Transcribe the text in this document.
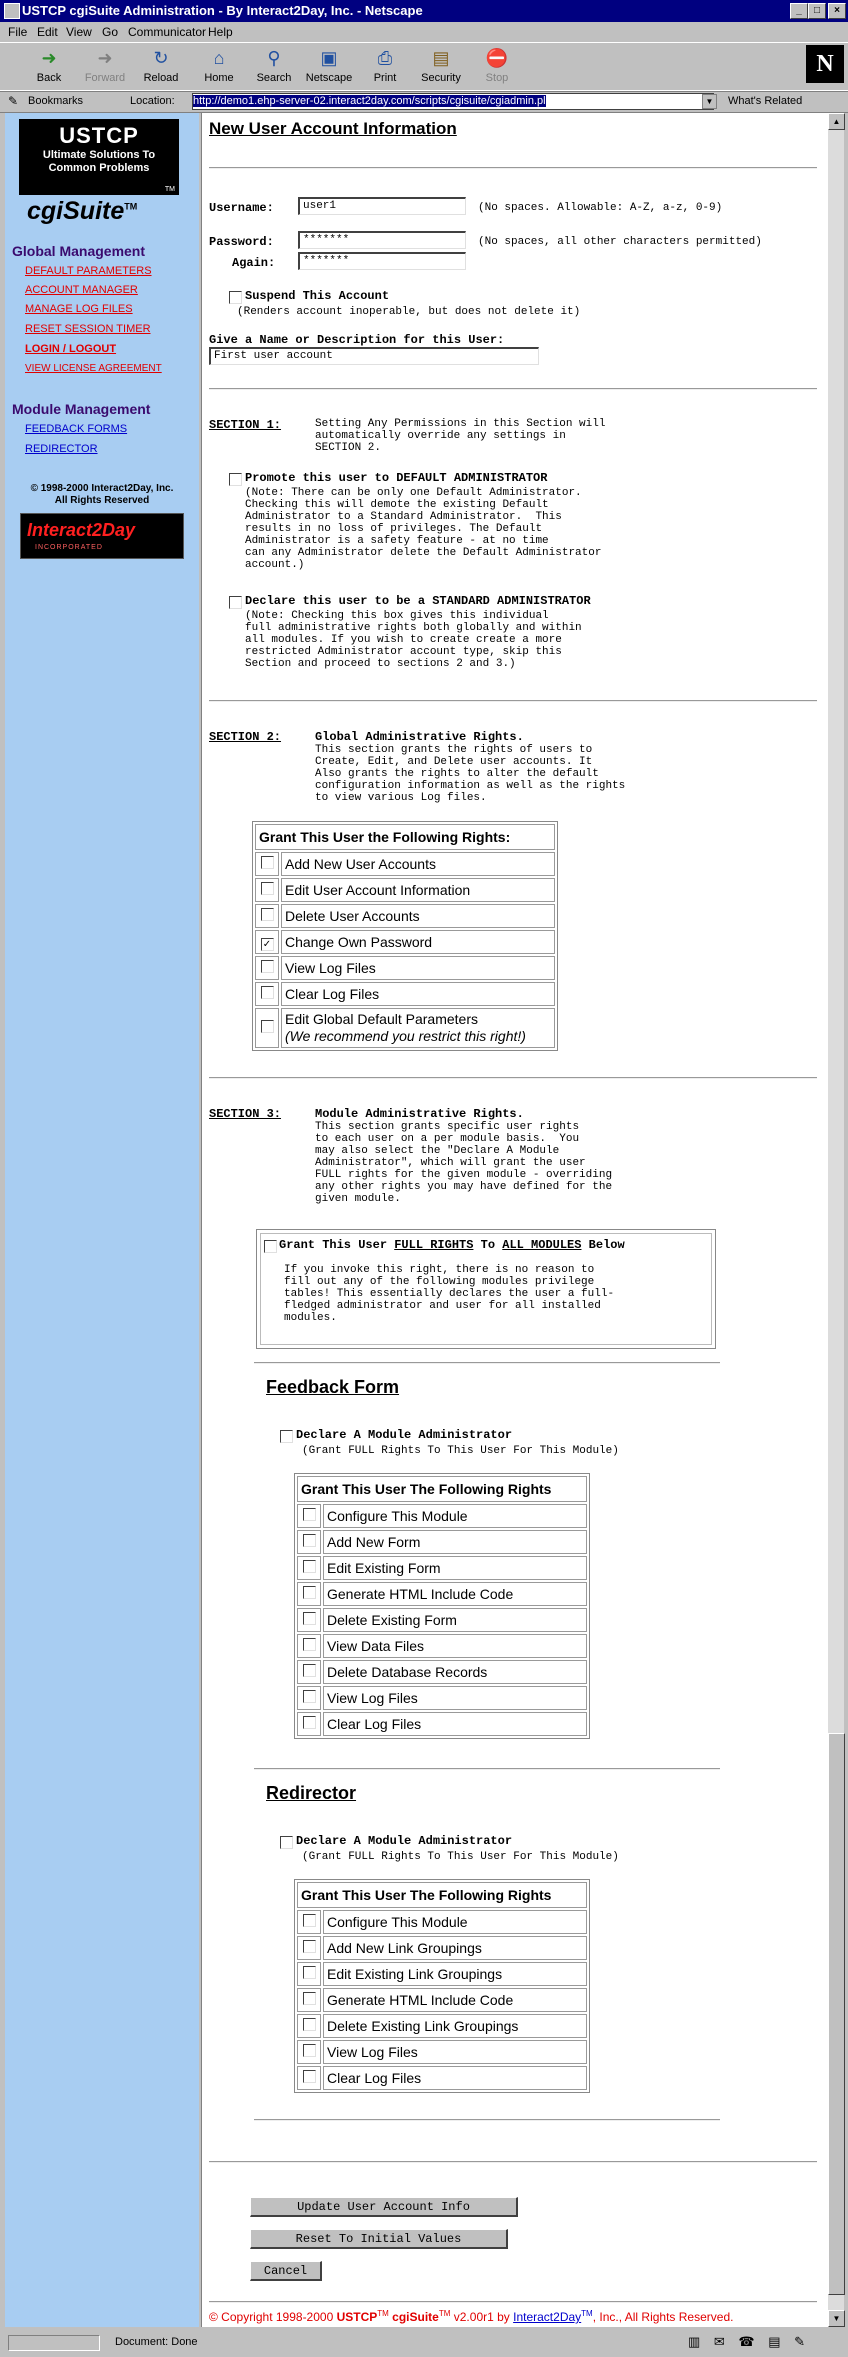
USTCP cgiSuite Administration - By Interact2Day, Inc. - Netscape	_	□	×
File Edit View Go Communicator Help
➜
Back
➜
Forward
↻
Reload
⌂
Home
⚲
Search
▣
Netscape
⎙
Print
▤
Security
⛔
Stop
N
✎ Bookmarks	Location: http://demo1.ehp-server-02.interact2day.com/scripts/cgisuite/cgiadmin.pl	▼	What's Related
USTCP
Ultimate Solutions To
Common Problems
TM
cgiSuite™
Global Management
DEFAULT PARAMETERS
ACCOUNT MANAGER
MANAGE LOG FILES
RESET SESSION TIMER
LOGIN / LOGOUT
VIEW LICENSE AGREEMENT
Module Management
FEEDBACK FORMS
REDIRECTOR
© 1998-2000 Interact2Day, Inc.
All Rights Reserved
Interact2Day
INCORPORATED
New User Account Information
Username:	user1	(No spaces. Allowable: A-Z, a-z, 0-9)
Password:	*******	(No spaces, all other characters permitted)
Again:	*******
Suspend This Account
(Renders account inoperable, but does not delete it)
Give a Name or Description for this User:
First user account
SECTION 1:	Setting Any Permissions in this Section will
automatically override any settings in
SECTION 2.
Promote this user to DEFAULT ADMINISTRATOR
(Note: There can be only one Default Administrator.
Checking this will demote the existing Default
Administrator to a Standard Administrator.  This
results in no loss of privileges. The Default
Administrator is a safety feature - at no time
can any Administrator delete the Default Administrator
account.)
Declare this user to be a STANDARD ADMINISTRATOR
(Note: Checking this box gives this individual
full administrative rights both globally and within
all modules. If you wish to create create a more
restricted Administrator account type, skip this
Section and proceed to sections 2 and 3.)
SECTION 2:	Global Administrative Rights.
This section grants the rights of users to
Create, Edit, and Delete user accounts. It
Also grants the rights to alter the default
configuration information as well as the rights
to view various Log files.
Grant This User the Following Rights:	
	Add New User Accounts
	Edit User Account Information
	Delete User Accounts
✓	Change Own Password
	View Log Files
	Clear Log Files

	Edit Global Default Parameters
(We recommend you restrict this right!)
SECTION 3:	Module Administrative Rights.
This section grants specific user rights
to each user on a per module basis.  You
may also select the "Declare A Module
Administrator", which will grant the user
FULL rights for the given module - overriding
any other rights you may have defined for the
given module.
Grant This User FULL RIGHTS To ALL MODULES Below
If you invoke this right, there is no reason to
fill out any of the following modules privilege
tables! This essentially declares the user a full-
fledged administrator and user for all installed
modules.
Feedback Form
Declare A Module Administrator
(Grant FULL Rights To This User For This Module)
Grant This User The Following Rights	
	Configure This Module
	Add New Form
	Edit Existing Form
	Generate HTML Include Code
	Delete Existing Form
	View Data Files
	Delete Database Records
	View Log Files
	Clear Log Files
Redirector
Declare A Module Administrator
(Grant FULL Rights To This User For This Module)
Grant This User The Following Rights	
	Configure This Module
	Add New Link Groupings
	Edit Existing Link Groupings
	Generate HTML Include Code
	Delete Existing Link Groupings
	View Log Files
	Clear Log Files
Update User Account Info
Reset To Initial Values
Cancel
© Copyright 1998-2000 USTCP™ cgiSuite™ v2.00r1 by Interact2Day™, Inc., All Rights Reserved.
▲
▼
Document: Done	▥ ✉ ☎ ▤ ✎
